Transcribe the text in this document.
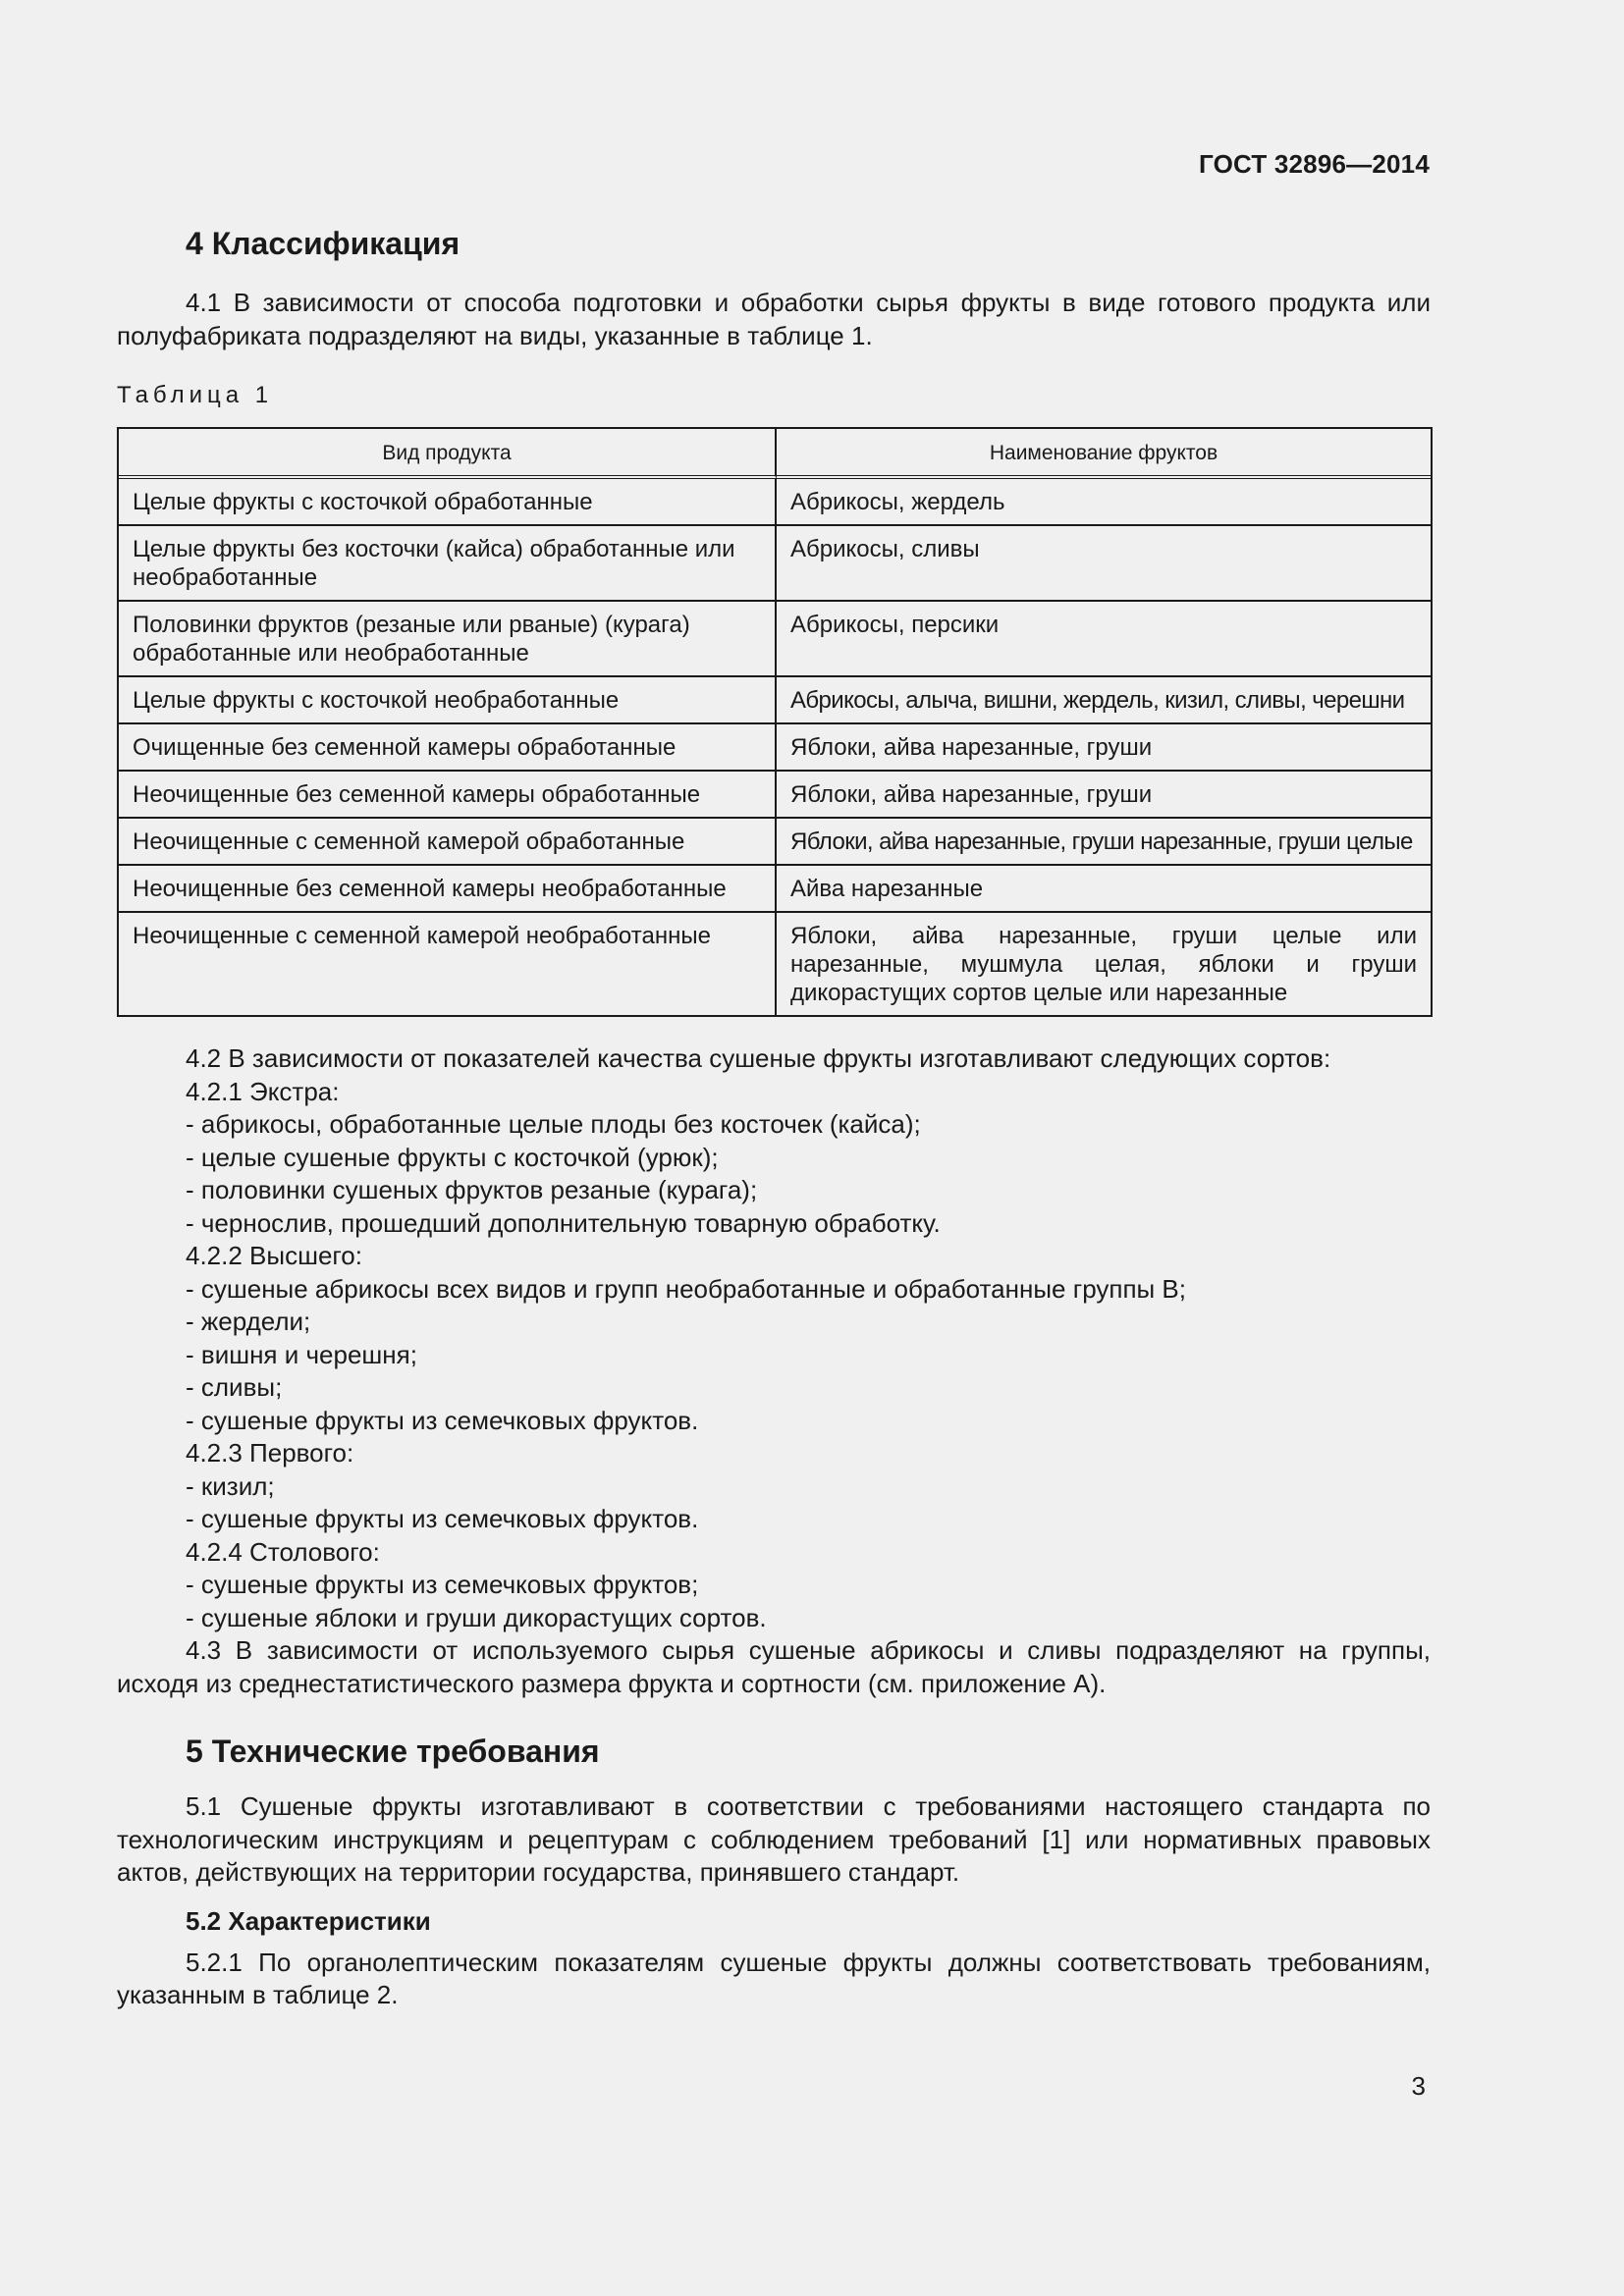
ГОСТ 32896—2014
4 Классификация

4.1 В зависимости от способа подготовки и обработки сырья фрукты в виде готового продукта или полуфабриката подразделяют на виды, указанные в таблице 1.

Таблица 1
Вид продукта	Наименование фруктов
Целые фрукты с косточкой обработанные	Абрикосы, жердель
Целые фрукты без косточки (кайса) обработанные или необработанные	Абрикосы, сливы
Половинки фруктов (резаные или рваные) (курага) обработанные или необработанные	Абрикосы, персики
Целые фрукты с косточкой необработанные	Абрикосы, алыча, вишни, жердель, кизил, сливы, черешни
Очищенные без семенной камеры обработанные	Яблоки, айва нарезанные, груши
Неочищенные без семенной камеры обработанные	Яблоки, айва нарезанные, груши
Неочищенные с семенной камерой обработанные	Яблоки, айва нарезанные, груши нарезанные, груши целые
Неочищенные без семенной камеры необработанные	Айва нарезанные
Неочищенные с семенной камерой необработанные	Яблоки, айва нарезанные, груши целые или нарезанные, мушмула целая, яблоки и груши дикорастущих сортов целые или нарезанные
4.2 В зависимости от показателей качества сушеные фрукты изготавливают следующих сортов:
4.2.1 Экстра:
- абрикосы, обработанные целые плоды без косточек (кайса);
- целые сушеные фрукты с косточкой (урюк);
- половинки сушеных фруктов резаные (курага);
- чернослив, прошедший дополнительную товарную обработку.
4.2.2 Высшего:
- сушеные абрикосы всех видов и групп необработанные и обработанные группы В;
- жердели;
- вишня и черешня;
- сливы;
- сушеные фрукты из семечковых фруктов.
4.2.3 Первого:
- кизил;
- сушеные фрукты из семечковых фруктов.
4.2.4 Столового:
- сушеные фрукты из семечковых фруктов;
- сушеные яблоки и груши дикорастущих сортов.
4.3 В зависимости от используемого сырья сушеные абрикосы и сливы подразделяют на группы, исходя из среднестатистического размера фрукта и сортности (см. приложение А).
5 Технические требования

5.1 Сушеные фрукты изготавливают в соответствии с требованиями настоящего стандарта по технологическим инструкциям и рецептурам с соблюдением требований [1] или нормативных правовых актов, действующих на территории государства, принявшего стандарт.

5.2 Характеристики

5.2.1 По органолептическим показателям сушеные фрукты должны соответствовать требованиям, указанным в таблице 2.

3
